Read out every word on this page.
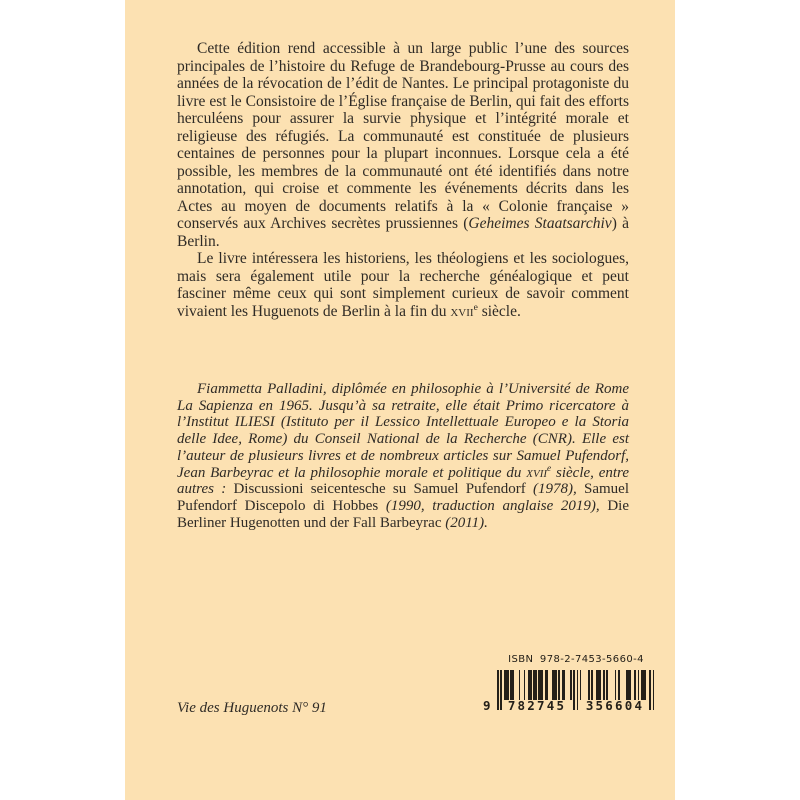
Cette édition rend accessible à un large public l’une des sources principales de l’histoire du Refuge de Brandebourg-Prusse au cours des années de la révocation de l’édit de Nantes. Le principal protagoniste du livre est le Consistoire de l’Église française de Berlin, qui fait des efforts herculéens pour assurer la survie physique et l’intégrité morale et religieuse des réfugiés. La communauté est constituée de plusieurs centaines de personnes pour la plupart inconnues. Lorsque cela a été possible, les membres de la communauté ont été identifiés dans notre annotation, qui croise et commente les événements décrits dans les Actes au moyen de documents relatifs à la « Colonie française » conservés aux Archives secrètes prussiennes (Geheimes Staatsarchiv) à Berlin.

Le livre intéressera les historiens, les théologiens et les sociologues, mais sera également utile pour la recherche généalogique et peut fasciner même ceux qui sont simplement curieux de savoir comment vivaient les Huguenots de Berlin à la fin du xvii$^e$ siècle.

Fiammetta Palladini, diplômée en philosophie à l’Université de Rome La Sapienza en 1965. Jusqu’à sa retraite, elle était Primo ricercatore à l’Institut ILIESI (Istituto per il Lessico Intellettuale Europeo e la Storia delle Idee, Rome) du Conseil National de la Recherche (CNR). Elle est l’auteur de plusieurs livres et de nombreux articles sur Samuel Pufendorf, Jean Barbeyrac et la philosophie morale et politique du xvii$^e$ siècle, entre autres : Discussioni seicentesche su Samuel Pufendorf (1978), Samuel Pufendorf Discepolo di Hobbes (1990, traduction anglaise 2019), Die Berliner Hugenotten und der Fall Barbeyrac (2011).

Vie des Huguenots N° 91
ISBN 978-2-7453-5660-4
9	782745	356604
